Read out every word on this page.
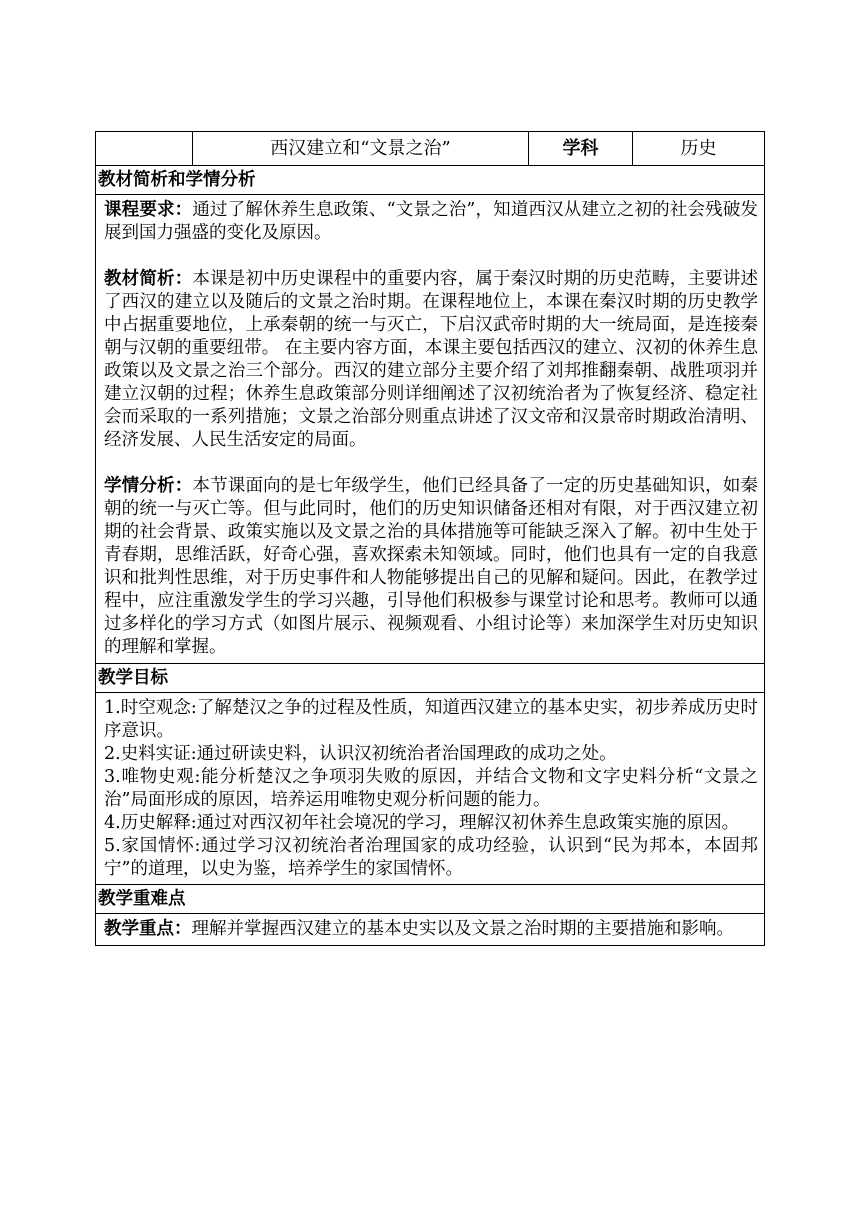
	西汉建立和“文景之治”	学科	历史
教材简析和学情分析

课程要求：通过了解休养生息政策、“文景之治”，知道西汉从建立之初的社会残破发展到国力强盛的变化及原因。

教材简析：本课是初中历史课程中的重要内容，属于秦汉时期的历史范畴，主要讲述了西汉的建立以及随后的文景之治时期。在课程地位上，本课在秦汉时期的历史教学中占据重要地位，上承秦朝的统一与灭亡，下启汉武帝时期的大一统局面，是连接秦朝与汉朝的重要纽带。 在主要内容方面，本课主要包括西汉的建立、汉初的休养生息政策以及文景之治三个部分。西汉的建立部分主要介绍了刘邦推翻秦朝、战胜项羽并建立汉朝的过程；休养生息政策部分则详细阐述了汉初统治者为了恢复经济、稳定社会而采取的一系列措施；文景之治部分则重点讲述了汉文帝和汉景帝时期政治清明、经济发展、人民生活安定的局面。

学情分析：本节课面向的是七年级学生，他们已经具备了一定的历史基础知识，如秦朝的统一与灭亡等。但与此同时，他们的历史知识储备还相对有限，对于西汉建立初期的社会背景、政策实施以及文景之治的具体措施等可能缺乏深入了解。初中生处于青春期，思维活跃，好奇心强，喜欢探索未知领域。同时，他们也具有一定的自我意识和批判性思维，对于历史事件和人物能够提出自己的见解和疑问。因此，在教学过程中，应注重激发学生的学习兴趣，引导他们积极参与课堂讨论和思考。教师可以通过多样化的学习方式（如图片展示、视频观看、小组讨论等）来加深学生对历史知识的理解和掌握。

教学目标

1.时空观念:了解楚汉之争的过程及性质，知道西汉建立的基本史实，初步养成历史时序意识。

2.史料实证:通过研读史料，认识汉初统治者治国理政的成功之处。

3.唯物史观:能分析楚汉之争项羽失败的原因，并结合文物和文字史料分析“文景之治”局面形成的原因，培养运用唯物史观分析问题的能力。

4.历史解释:通过对西汉初年社会境况的学习，理解汉初休养生息政策实施的原因。

5.家国情怀:通过学习汉初统治者治理国家的成功经验，认识到“民为邦本，本固邦宁”的道理，以史为鉴，培养学生的家国情怀。

教学重难点

教学重点：理解并掌握西汉建立的基本史实以及文景之治时期的主要措施和影响。
